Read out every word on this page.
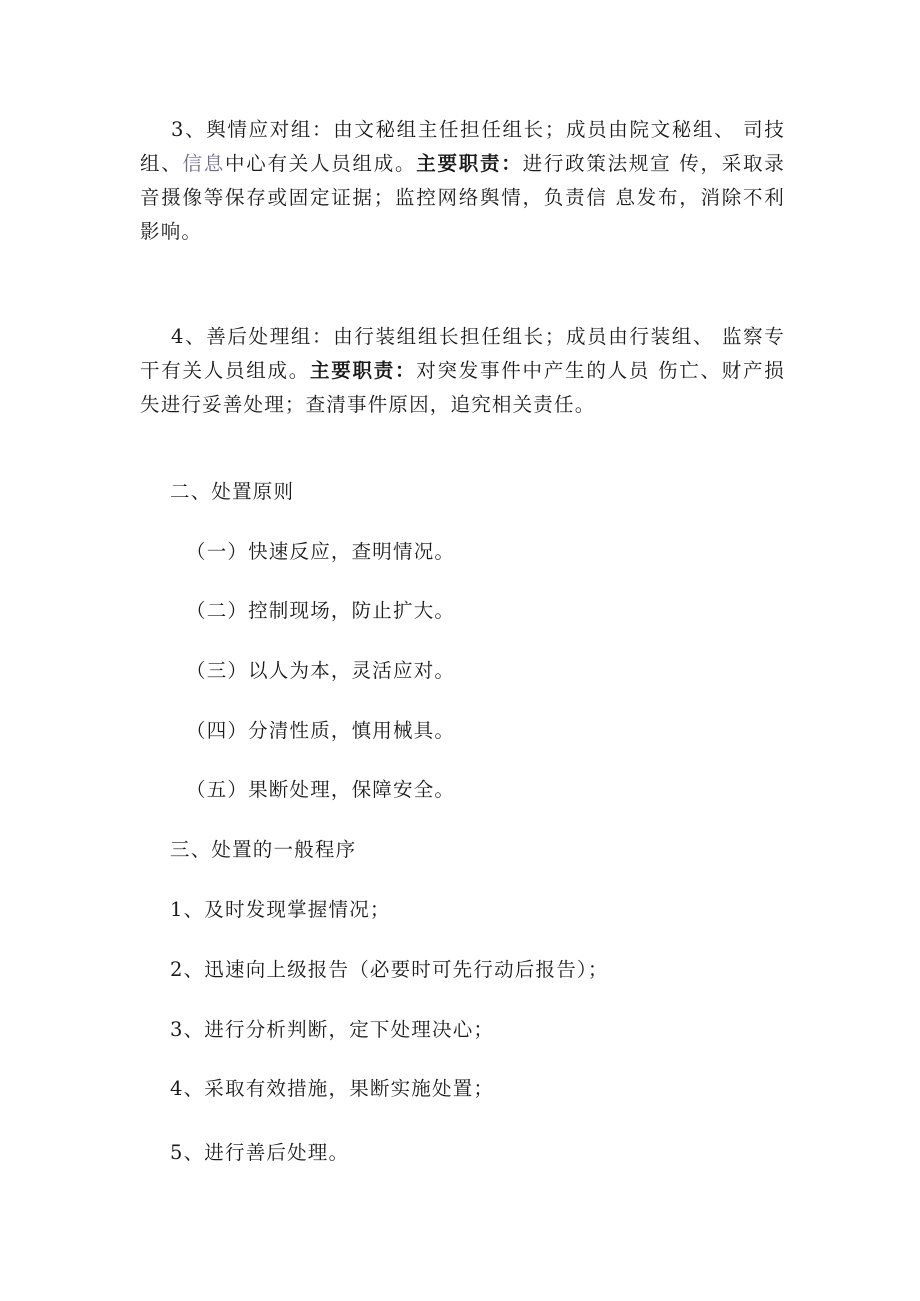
3、舆情应对组：由文秘组主任担任组长；成员由院文秘组、 司技组、信息中心有关人员组成。主要职责：进行政策法规宣 传，采取录音摄像等保存或固定证据；监控网络舆情，负责信 息发布，消除不利影响。

4、善后处理组：由行装组组长担任组长；成员由行装组、 监察专干有关人员组成。主要职责：对突发事件中产生的人员 伤亡、财产损失进行妥善处理；查清事件原因，追究相关责任。

二、处置原则

（一）快速反应，查明情况。

（二）控制现场，防止扩大。

（三）以人为本，灵活应对。

（四）分清性质，慎用械具。

（五）果断处理，保障安全。

三、处置的一般程序

1、及时发现掌握情况；

2、迅速向上级报告（必要时可先行动后报告）；

3、进行分析判断，定下处理决心；

4、采取有效措施，果断实施处置；

5、进行善后处理。
